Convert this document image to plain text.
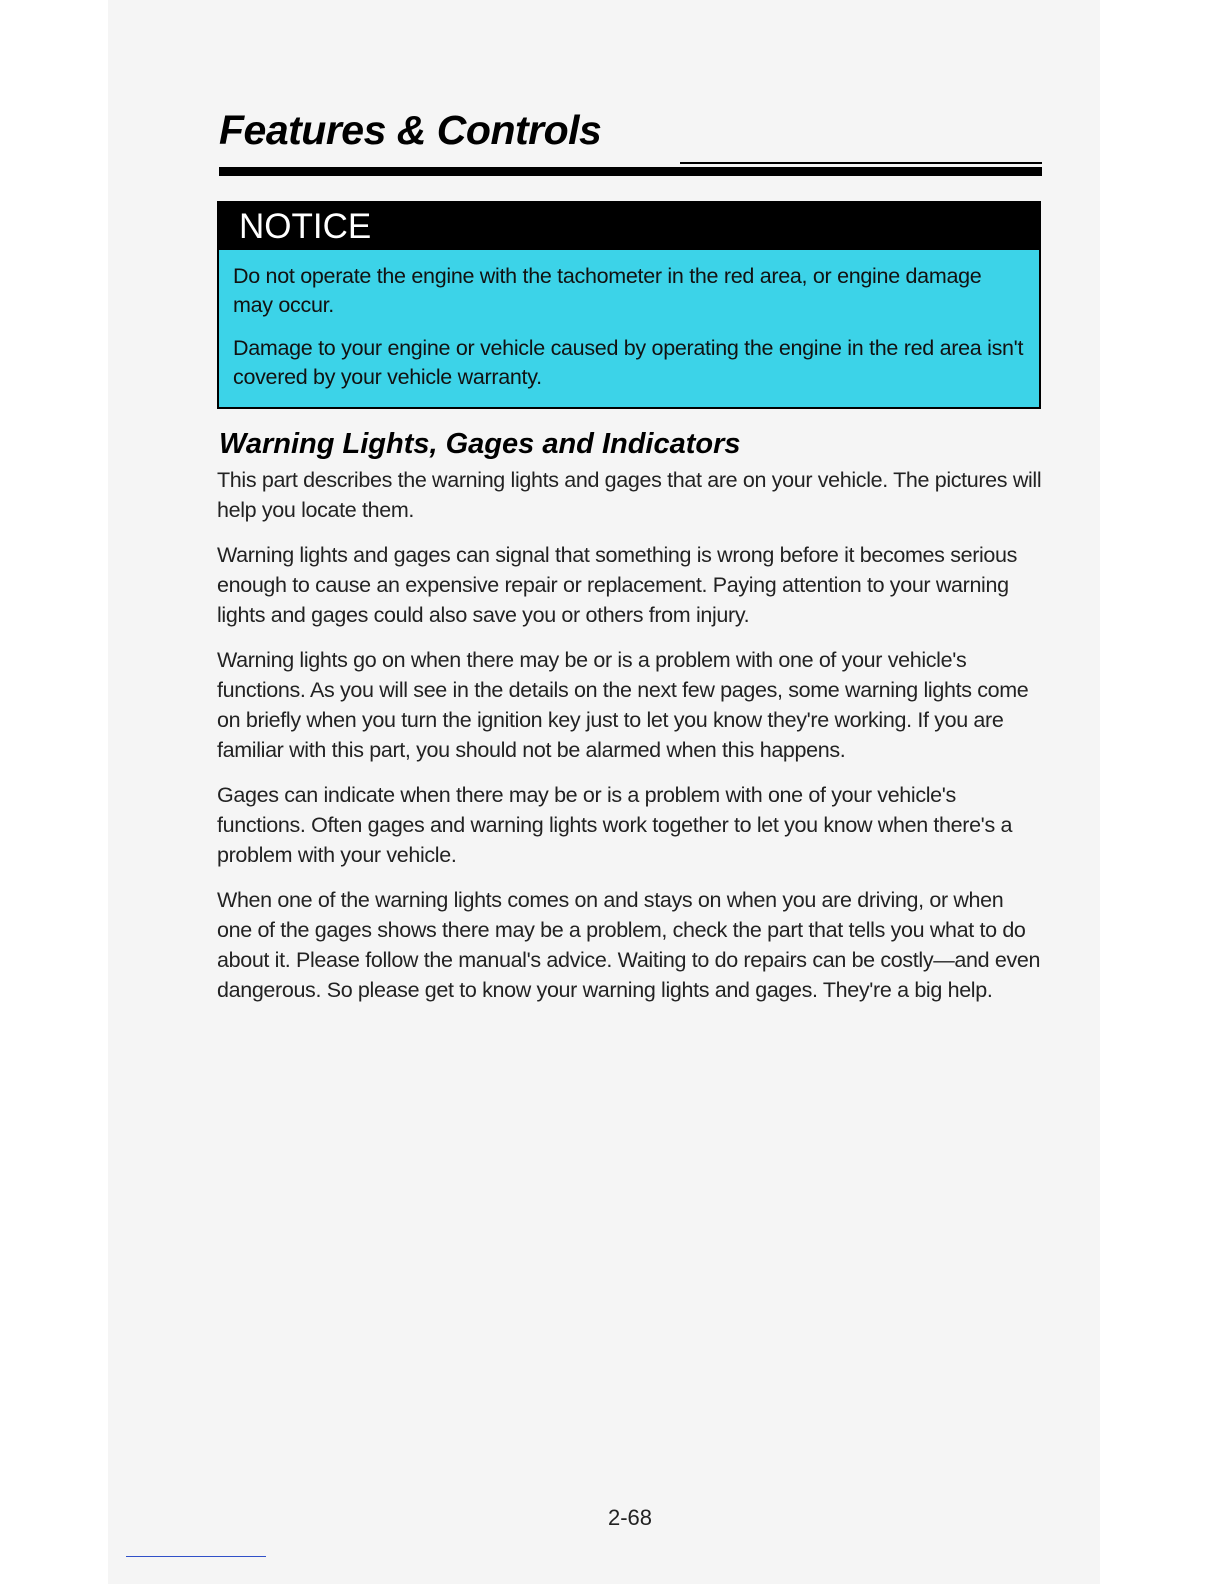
Features & Controls
NOTICE

Do not operate the engine with the tachometer in the red area, or engine damage may occur.

Damage to your engine or vehicle caused by operating the engine in the red area isn't covered by your vehicle warranty.

Warning Lights, Gages and Indicators

This part describes the warning lights and gages that are on your vehicle. The pictures will help you locate them.

Warning lights and gages can signal that something is wrong before it becomes serious enough to cause an expensive repair or replacement. Paying attention to your warning lights and gages could also save you or others from injury.

Warning lights go on when there may be or is a problem with one of your vehicle's functions. As you will see in the details on the next few pages, some warning lights come on briefly when you turn the ignition key just to let you know they're working. If you are familiar with this part, you should not be alarmed when this happens.

Gages can indicate when there may be or is a problem with one of your vehicle's functions. Often gages and warning lights work together to let you know when there's a problem with your vehicle.

When one of the warning lights comes on and stays on when you are driving, or when one of the gages shows there may be a problem, check the part that tells you what to do about it. Please follow the manual's advice. Waiting to do repairs can be costly—and even dangerous. So please get to know your warning lights and gages. They're a big help.

2-68
